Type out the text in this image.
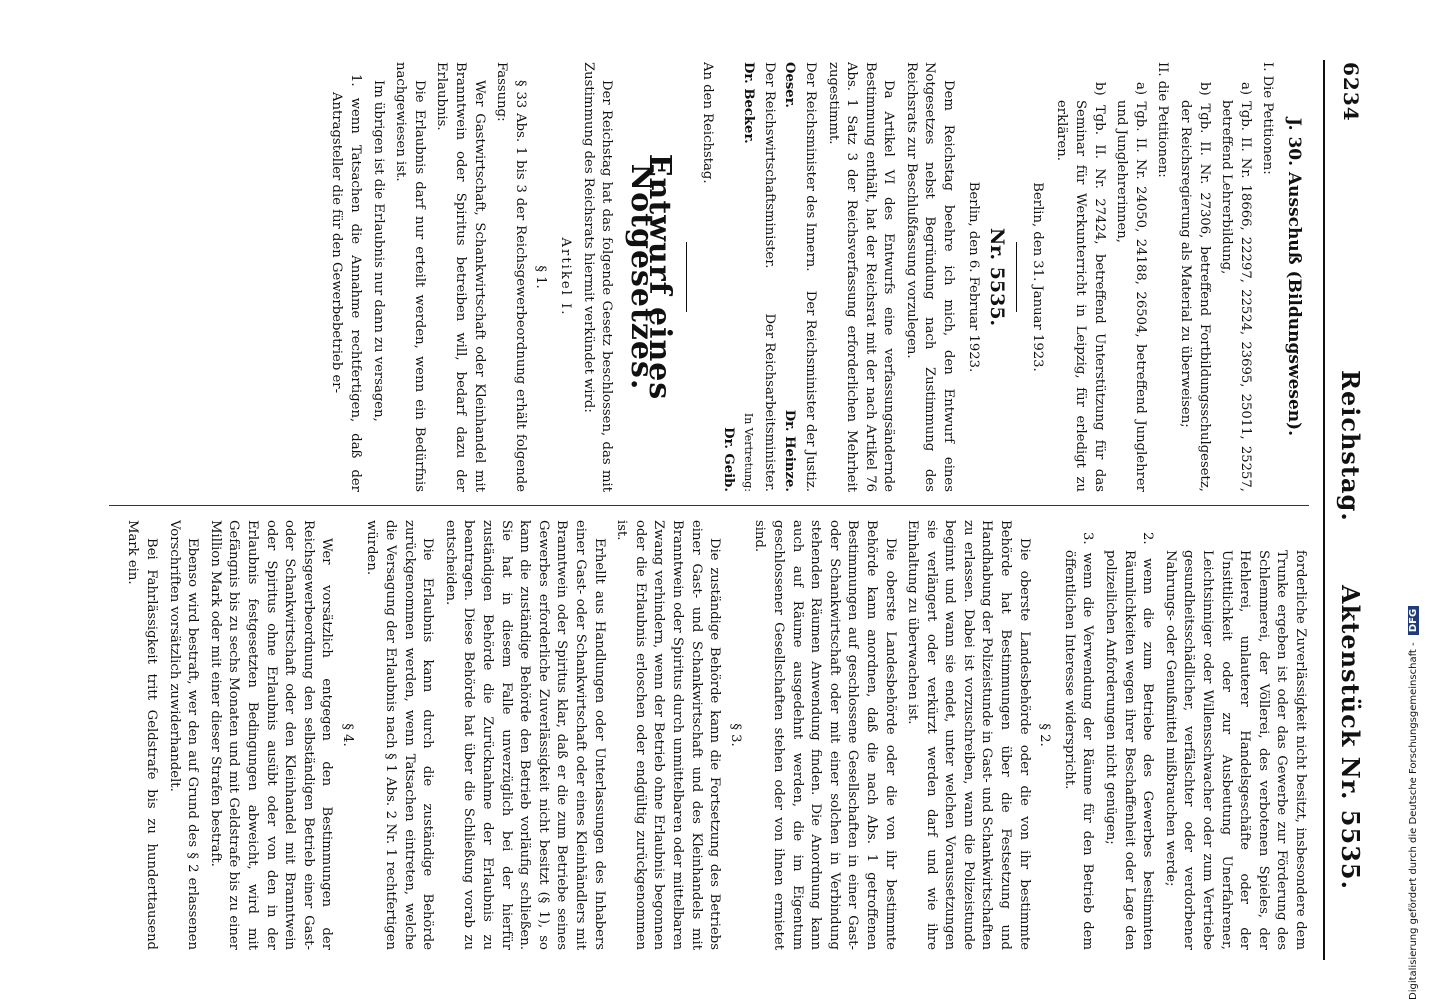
6234
Reichstag.
Aktenstück Nr. 5535.
J. 30. Ausschuß (Bildungswesen).

I. Die Petitionen:

a) Tgb. II. Nr. 18666, 22297, 22524, 23695, 25011, 25257, betreffend Lehrerbildung,

b) Tgb. II. Nr. 27306, betreffend Fortbildungsschulgesetz, der Reichsregierung als Material zu überweisen;

II. die Petitionen:

a) Tgb. II. Nr. 24050, 24188, 26504, betreffend Junglehrer und Junglehrerinnen,

b) Tgb. II. Nr. 27424, betreffend Unterstützung für das Seminar für Werkunterricht in Leipzig, für erledigt zu erklären.

Berlin, den 31. Januar 1923.

Nr. 5535.

Berlin, den 6. Februar 1923.

Dem Reichstag beehre ich mich, den Entwurf eines Notgesetzes nebst Begründung nach Zustimmung des Reichsrats zur Beschlußfassung vorzulegen.

Da Artikel VI des Entwurfs eine verfassungsändernde Bestimmung enthält, hat der Reichsrat mit der nach Artikel 76 Abs. 1 Satz 3 der Reichsverfassung erforderlichen Mehrheit zugestimmt.

Der Reichsminister des Innern.
Der Reichsminister der Justiz.
Oeser.
Dr. Heinze.
Der Reichswirtschaftsminister.
Der Reichsarbeitsminister.
Dr. Becker.
In Vertretung:
Dr. Geib.

An den Reichstag.

Entwurf eines Notgesetzes.

Der Reichstag hat das folgende Gesetz beschlossen, das mit Zustimmung des Reichsrats hiermit verkündet wird:

Artikel I.
§ 1.

§ 33 Abs. 1 bis 3 der Reichsgewerbeordnung erhält folgende Fassung:

Wer Gastwirtschaft, Schankwirtschaft oder Kleinhandel mit Branntwein oder Spiritus betreiben will, bedarf dazu der Erlaubnis.

Die Erlaubnis darf nur erteilt werden, wenn ein Bedürfnis nachgewiesen ist.

Im übrigen ist die Erlaubnis nur dann zu versagen,

1. wenn Tatsachen die Annahme rechtfertigen, daß der Antragsteller die für den Gewerbebetrieb er-

forderliche Zuverlässigkeit nicht besitzt, insbesondere dem Trunke ergeben ist oder das Gewerbe zur Förderung des Schlemmerei, der Völlerei, des verbotenen Spieles, der Hehlerei, unlauterer Handelsgeschäfte oder der Unsittlichkeit oder zur Ausbeutung Unerfahrener, Leichtsinniger oder Willensschwacher oder zum Vertriebe gesundheitsschädlicher, verfälschter oder verdorbener Nahrungs- oder Genußmittel mißbrauchen werde;

2. wenn die zum Betriebe des Gewerbes bestimmten Räumlichkeiten wegen ihrer Beschaffenheit oder Lage den polizeilichen Anforderungen nicht genügen;

3. wenn die Verwendung der Räume für den Betrieb dem öffentlichen Interesse widerspricht.

§ 2.

Die oberste Landesbehörde oder die von ihr bestimmte Behörde hat Bestimmungen über die Festsetzung und Handhabung der Polizeistunde in Gast- und Schankwirtschaften zu erlassen. Dabei ist vorzuschreiben, wann die Polizeistunde beginnt und wann sie endet, unter welchen Voraussetzungen sie verlängert oder verkürzt werden darf und wie ihre Einhaltung zu überwachen ist.

Die oberste Landesbehörde oder die von ihr bestimmte Behörde kann anordnen, daß die nach Abs. 1 getroffenen Bestimmungen auf geschlossene Gesellschaften in einer Gast- oder Schankwirtschaft oder mit einer solchen in Verbindung stehenden Räumen Anwendung finden. Die Anordnung kann auch auf Räume ausgedehnt werden, die im Eigentum geschlossener Gesellschaften stehen oder von ihnen ermietet sind.

§ 3.

Die zuständige Behörde kann die Fortsetzung des Betriebs einer Gast- und Schankwirtschaft und des Kleinhandels mit Branntwein oder Spiritus durch unmittelbaren oder mittelbaren Zwang verhindern, wenn der Betrieb ohne Erlaubnis begonnen oder die Erlaubnis erloschen oder endgültig zurückgenommen ist.

Erhellt aus Handlungen oder Unterlassungen des Inhabers einer Gast- oder Schankwirtschaft oder eines Kleinhändlers mit Branntwein oder Spiritus klar, daß er die zum Betriebe seines Gewerbes erforderliche Zuverlässigkeit nicht besitzt (§ 1), so kann die zuständige Behörde den Betrieb vorläufig schließen. Sie hat in diesem Falle unverzüglich bei der hierfür zuständigen Behörde die Zurücknahme der Erlaubnis zu beantragen. Diese Behörde hat über die Schließung vorab zu entscheiden.

Die Erlaubnis kann durch die zuständige Behörde zurückgenommen werden, wenn Tatsachen eintreten, welche die Versagung der Erlaubnis nach § 1 Abs. 2 Nr. 1 rechtfertigen würden.

§ 4.

Wer vorsätzlich entgegen den Bestimmungen der Reichsgewerbeordnung den selbständigen Betrieb einer Gast- oder Schankwirtschaft oder den Kleinhandel mit Branntwein oder Spiritus ohne Erlaubnis ausübt oder von den in der Erlaubnis festgesetzten Bedingungen abweicht, wird mit Gefängnis bis zu sechs Monaten und mit Geldstrafe bis zu einer Million Mark oder mit einer dieser Strafen bestraft.

Ebenso wird bestraft, wer den auf Grund des § 2 erlassenen Vorschriften vorsätzlich zuwiderhandelt.

Bei Fahrlässigkeit tritt Geldstrafe bis zu hunderttausend Mark ein.

Digitalisierung gefördert durch die Deutsche Forschungsgemeinschaft - DFG
